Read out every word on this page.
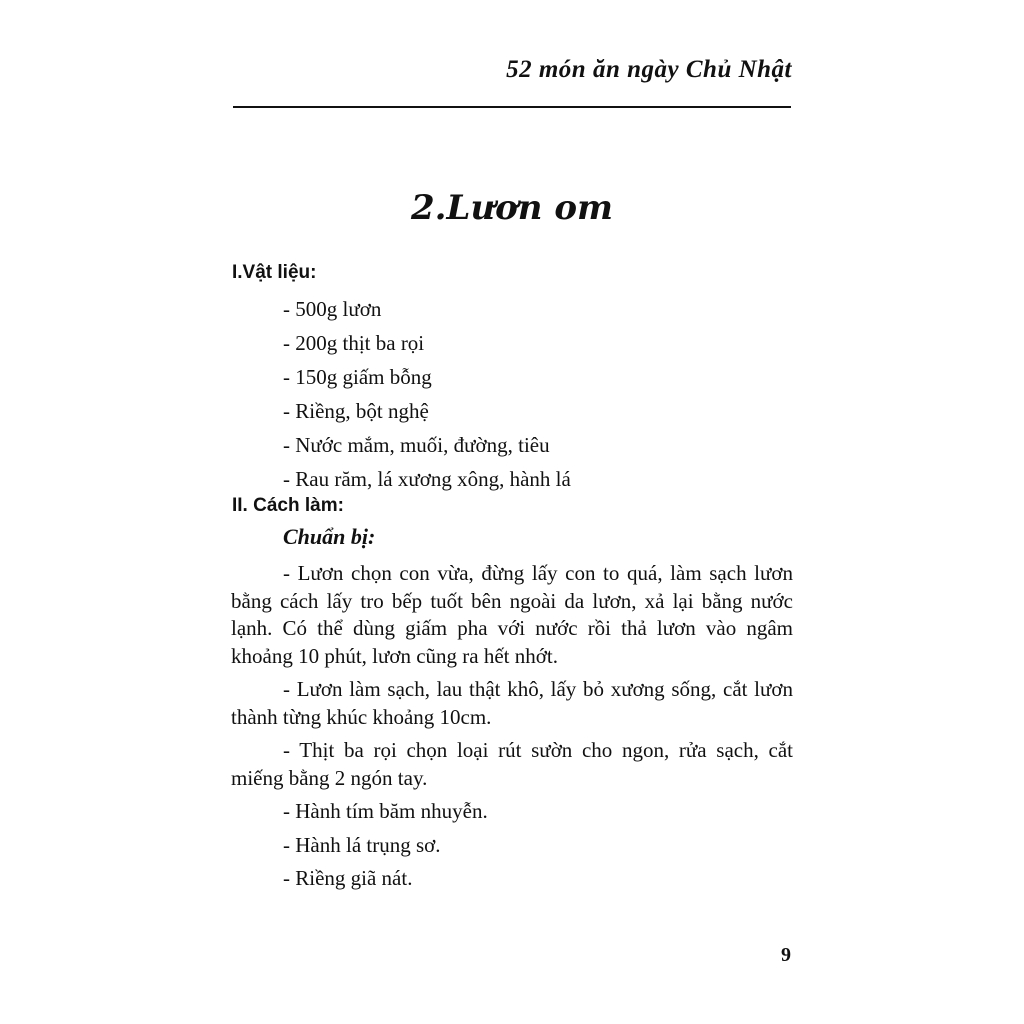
52 món ăn ngày Chủ Nhật
2.Lươn om
I.Vật liệu:
- 500g lươn
- 200g thịt ba rọi
- 150g giấm bỗng
- Riềng, bột nghệ
- Nước mắm, muối, đường, tiêu
- Rau răm, lá xương xông, hành lá
II. Cách làm:
Chuẩn bị:

- Lươn chọn con vừa, đừng lấy con to quá, làm sạch lươn bằng cách lấy tro bếp tuốt bên ngoài da lươn, xả lại bằng nước lạnh. Có thể dùng giấm pha với nước rồi thả lươn vào ngâm khoảng 10 phút, lươn cũng ra hết nhớt.

- Lươn làm sạch, lau thật khô, lấy bỏ xương sống, cắt lươn thành từng khúc khoảng 10cm.

- Thịt ba rọi chọn loại rút sườn cho ngon, rửa sạch, cắt miếng bằng 2 ngón tay.

- Hành tím băm nhuyễn.

- Hành lá trụng sơ.

- Riềng giã nát.

9
